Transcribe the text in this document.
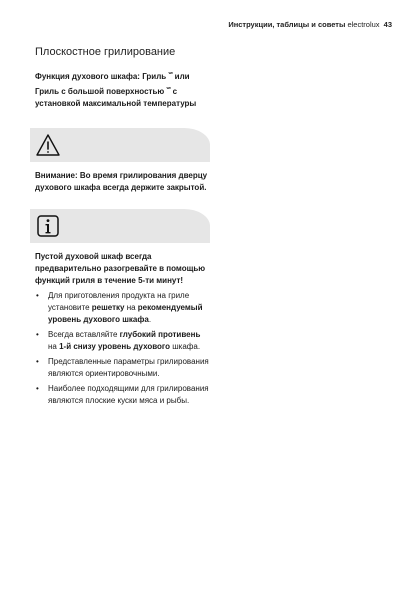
Инструкции, таблицы и советы electrolux 43
Плоскостное грилирование

Функция духового шкафа: Гриль $^{ᵛᵛᵛ}$ или Гриль с большой поверхностью $^{ᵛᵛᵛ}$ с установкой максимальной температуры

Внимание: Во время грилирования дверцу духового шкафа всегда держите закрытой.

Пустой духовой шкаф всегда предварительно разогревайте в помощью функций гриля в течение 5-ти минут!

• Для приготовления продукта на гриле установите решетку на рекомендуемый уровень духового шкафа.
• Всегда вставляйте глубокий противень на 1-й снизу уровень духового шкафа.
• Представленные параметры грилирования являются ориентировочными.
• Наиболее подходящими для грилирования являются плоские куски мяса и рыбы.
